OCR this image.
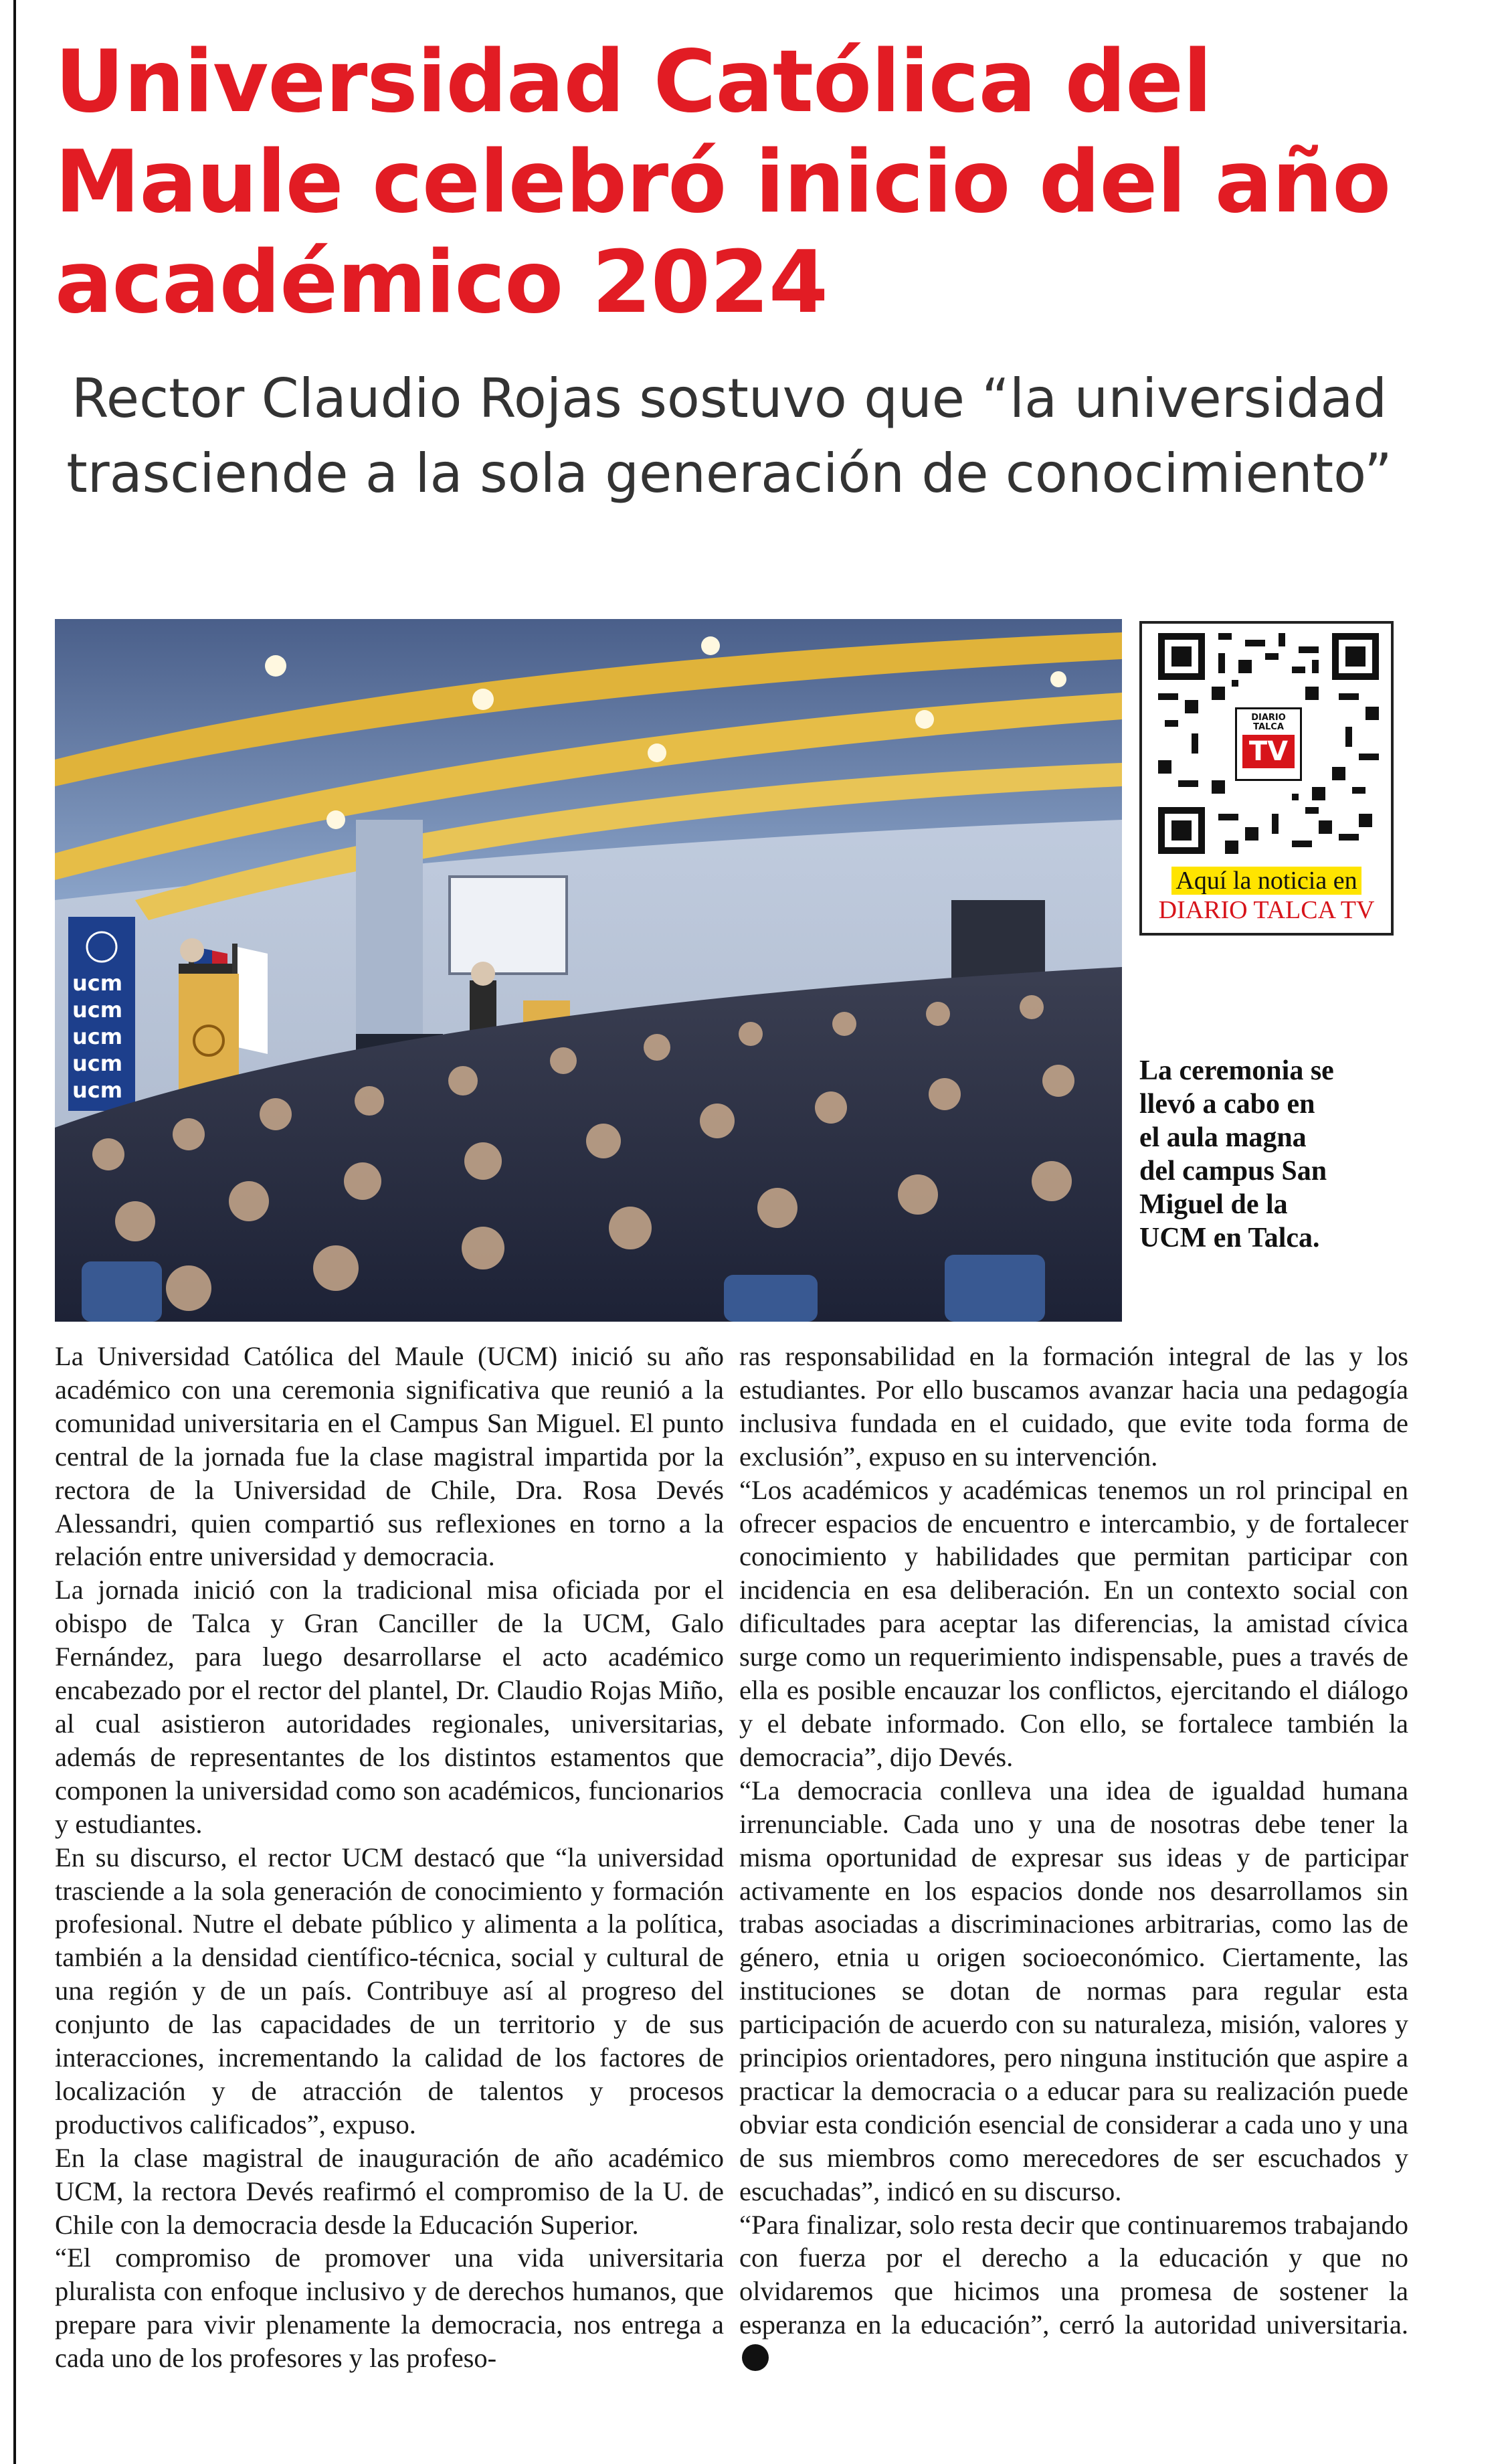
Universidad Católica del Maule celebró inicio del año académico 2024
Rector Claudio Rojas sostuvo que “la universidad trasciende a la sola generación de conocimiento”
ucm
ucm
ucm
ucm
ucm
DIARIO TALCA
TV
Aquí la noticia en
DIARIO TALCA TV

La ceremonia se llevó a cabo en el aula magna del campus San Miguel de la UCM en Talca.

La Universidad Católica del Maule (UCM) inició su año académico con una ceremonia significativa que reunió a la comunidad universitaria en el Campus San Miguel. El punto central de la jornada fue la clase magistral impartida por la rectora de la Universidad de Chile, Dra. Rosa Devés Alessandri, quien compartió sus reflexiones en torno a la relación entre universidad y democracia.

La jornada inició con la tradicional misa oficiada por el obispo de Talca y Gran Canciller de la UCM, Galo Fernández, para luego desarrollarse el acto académico encabezado por el rector del plantel, Dr. Claudio Rojas Miño, al cual asistieron autoridades regionales, universitarias, además de representantes de los distintos estamentos que componen la universidad como son académicos, funcionarios y estudiantes.

En su discurso, el rector UCM destacó que “la universidad trasciende a la sola generación de conocimiento y formación profesional. Nutre el debate público y alimenta a la política, también a la densidad científico-técnica, social y cultural de una región y de un país. Contribuye así al progreso del conjunto de las capacidades de un territorio y de sus interacciones, incrementando la calidad de los factores de localización y de atracción de talentos y procesos productivos calificados”, expuso.

En la clase magistral de inauguración de año académico UCM, la rectora Devés reafirmó el compromiso de la U. de Chile con la democracia desde la Educación Superior.

“El compromiso de promover una vida universitaria pluralista con enfoque inclusivo y de derechos humanos, que prepare para vivir plenamente la democracia, nos entrega a cada uno de los profesores y las profeso-

ras responsabilidad en la formación integral de las y los estudiantes. Por ello buscamos avanzar hacia una pedagogía inclusiva fundada en el cuidado, que evite toda forma de exclusión”, expuso en su intervención.

“Los académicos y académicas tenemos un rol principal en ofrecer espacios de encuentro e intercambio, y de fortalecer conocimiento y habilidades que permitan participar con incidencia en esa deliberación. En un contexto social con dificultades para aceptar las diferencias, la amistad cívica surge como un requerimiento indispensable, pues a través de ella es posible encauzar los conflictos, ejercitando el diálogo y el debate informado. Con ello, se fortalece también la democracia”, dijo Devés.

“La democracia conlleva una idea de igualdad humana irrenunciable. Cada uno y una de nosotras debe tener la misma oportunidad de expresar sus ideas y de participar activamente en los espacios donde nos desarrollamos sin trabas asociadas a discriminaciones arbitrarias, como las de género, etnia u origen socioeconómico. Ciertamente, las instituciones se dotan de normas para regular esta participación de acuerdo con su naturaleza, misión, valores y principios orientadores, pero ninguna institución que aspire a practicar la democracia o a educar para su realización puede obviar esta condición esencial de considerar a cada uno y una de sus miembros como merecedores de ser escuchados y escuchadas”, indicó en su discurso.

“Para finalizar, solo resta decir que continuaremos trabajando con fuerza por el derecho a la educación y que no olvidaremos que hicimos una promesa de sostener la esperanza en la educación”, cerró la autoridad universitaria.
